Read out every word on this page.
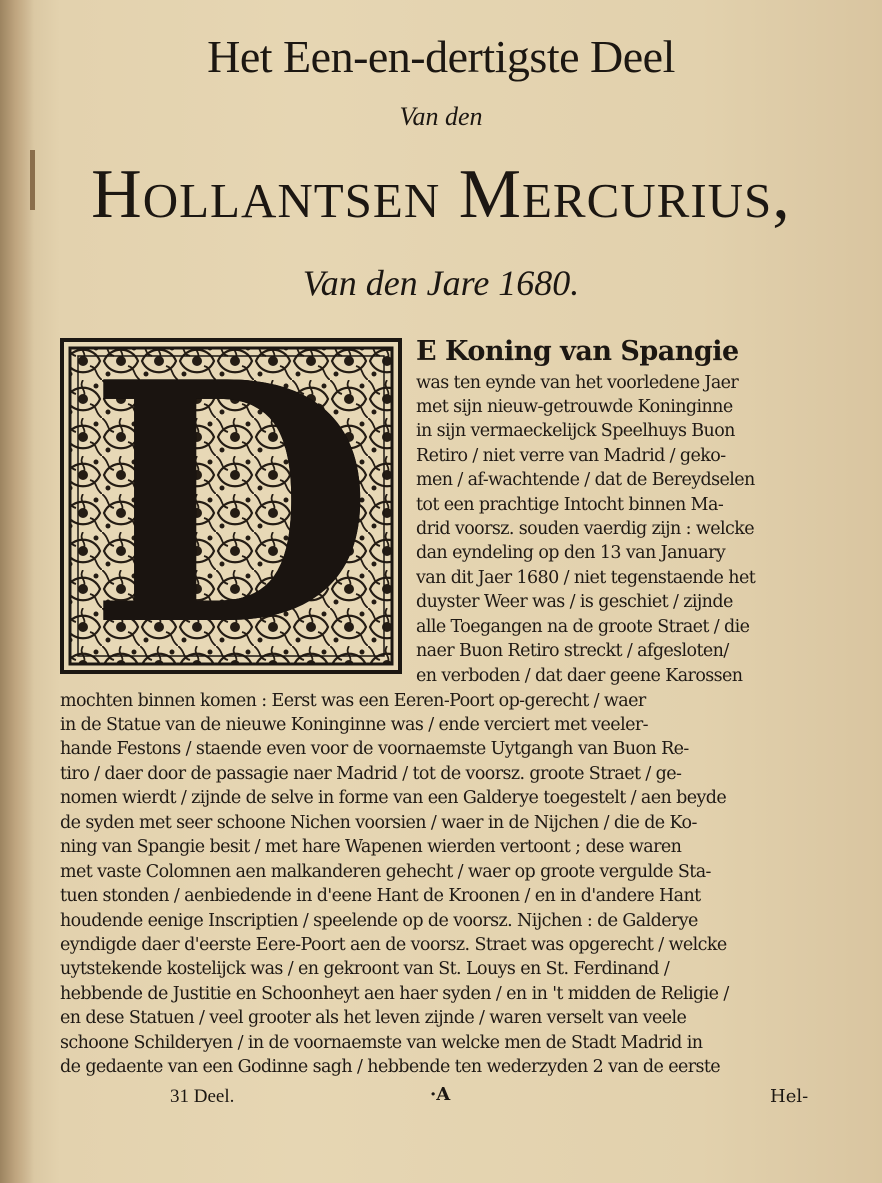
Het Een-en-dertigste Deel
Van den
Hollantsen Mercurius,
Van den Jare 1680.
D	E Koning van Spangie
was ten eynde van het voorledene Jaer
met sijn nieuw-getrouwde Koninginne
in sijn vermaeckelijck Speelhuys Buon
Retiro / niet verre van Madrid / geko-
men / af-wachtende / dat de Bereydselen
tot een prachtige Intocht binnen Ma-
drid voorsz. souden vaerdig zijn : welcke
dan eyndeling op den 13 van January
van dit Jaer 1680 / niet tegenstaende het
duyster Weer was / is geschiet / zijnde
alle Toegangen na de groote Straet / die
naer Buon Retiro streckt / afgesloten/
en verboden / dat daer geene Karossen
mochten binnen komen : Eerst was een Eeren-Poort op-gerecht / waer
in de Statue van de nieuwe Koninginne was / ende verciert met veeler-
hande Festons / staende even voor de voornaemste Uytgangh van Buon Re-
tiro / daer door de passagie naer Madrid / tot de voorsz. groote Straet / ge-
nomen wierdt / zijnde de selve in forme van een Galderye toegestelt / aen beyde
de syden met seer schoone Nichen voorsien / waer in de Nijchen / die de Ko-
ning van Spangie besit / met hare Wapenen wierden vertoont ; dese waren
met vaste Colomnen aen malkanderen gehecht / waer op groote verguldе Sta-
tuen stonden / aenbiedende in d'eene Hant de Kroonen / en in d'andere Hant
houdende eenige Inscriptien / speelende op de voorsz. Nijchen : de Galderye
eyndigde daer d'eerste Eere-Poort aen de voorsz. Straet was opgerecht / welcke
uytstekende kostelijck was / en gekroont van St. Louys en St. Ferdinand /
hebbende de Justitie en Schoonheyt aen haer syden / en in 't midden de Religie /
en dese Statuen / veel grooter als het leven zijnde / waren verselt van veele
schoone Schilderyen / in de voornaemste van welcke men de Stadt Madrid in
de gedaente van een Godinne sagh / hebbende ten wederzyden 2 van de eerste
31 Deel.	·A	Hel-
